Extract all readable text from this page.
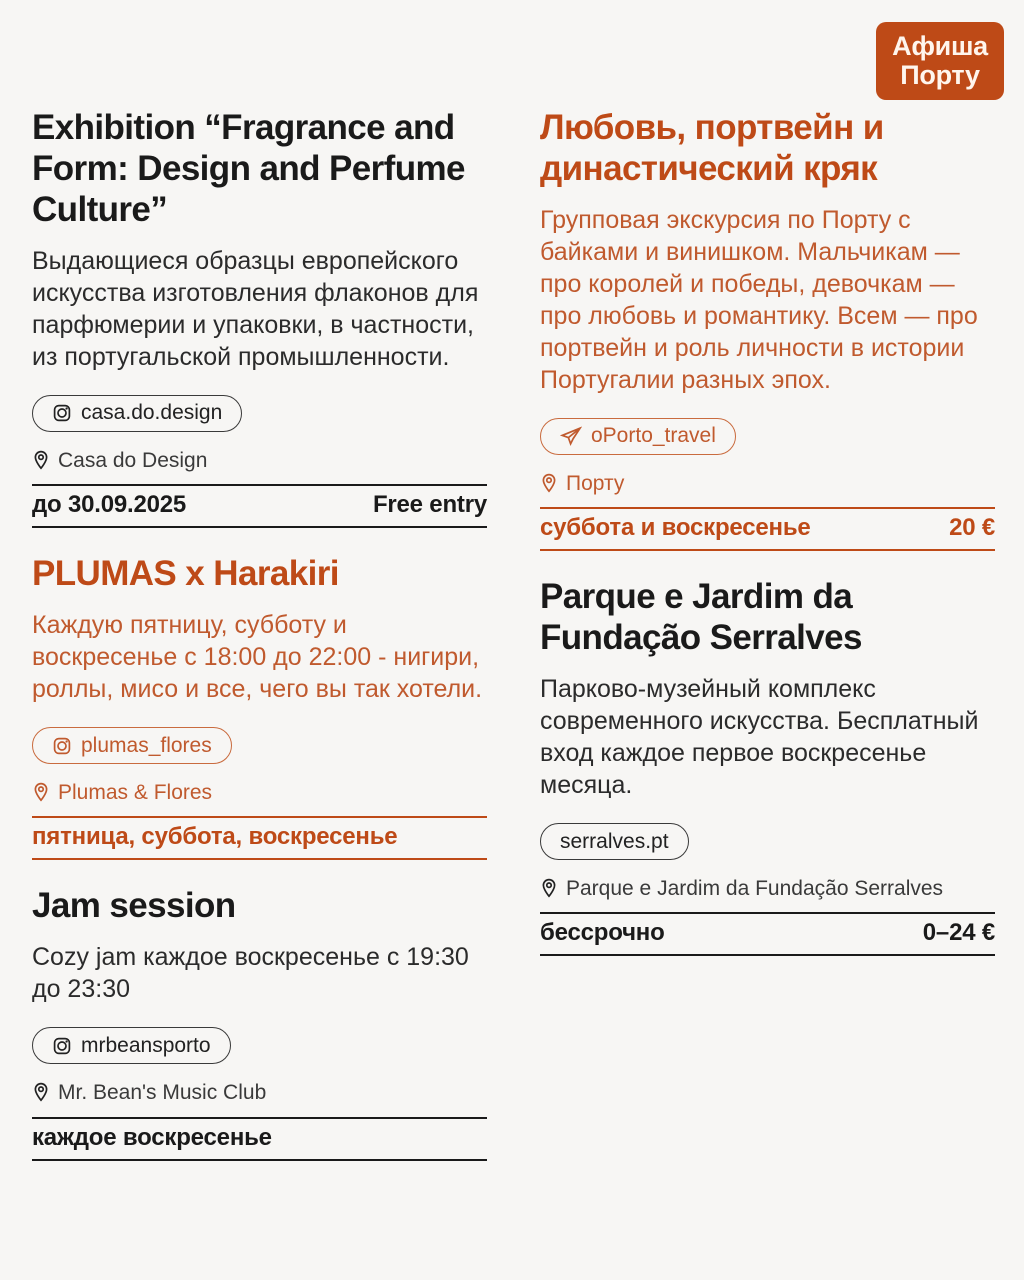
Афиша
Порту
Exhibition “Fragrance and Form: Design and Perfume Culture”
Выдающиеся образцы европейского искусства изготовления флаконов для парфюмерии и упаковки, в частности, из португальской промышленности.
casa.do.design
Casa do Design
до 30.09.2025	Free entry
PLUMAS x Harakiri
Каждую пятницу, субботу и воскресенье с 18:00 до 22:00 - нигири, роллы, мисо и все, чего вы так хотели.
plumas_flores
Plumas & Flores
пятница, суббота, воскресенье
Jam session
Cozy jam каждое воскресенье с 19:30 до 23:30
mrbeansporto
Mr. Bean's Music Club
каждое воскресенье
Любовь, портвейн и династический кряк
Групповая экскурсия по Порту с байками и винишком. Мальчикам — про королей и победы, девочкам — про любовь и романтику. Всем — про портвейн и роль личности в истории Португалии разных эпох.
oPorto_travel
Порту
суббота и воскресенье	20 €
Parque e Jardim da Fundação Serralves
Парково-музейный комплекс современного искусства. Бесплатный вход каждое первое воскресенье месяца.
serralves.pt
Parque e Jardim da Fundação Serralves
бессрочно	0–24 €
